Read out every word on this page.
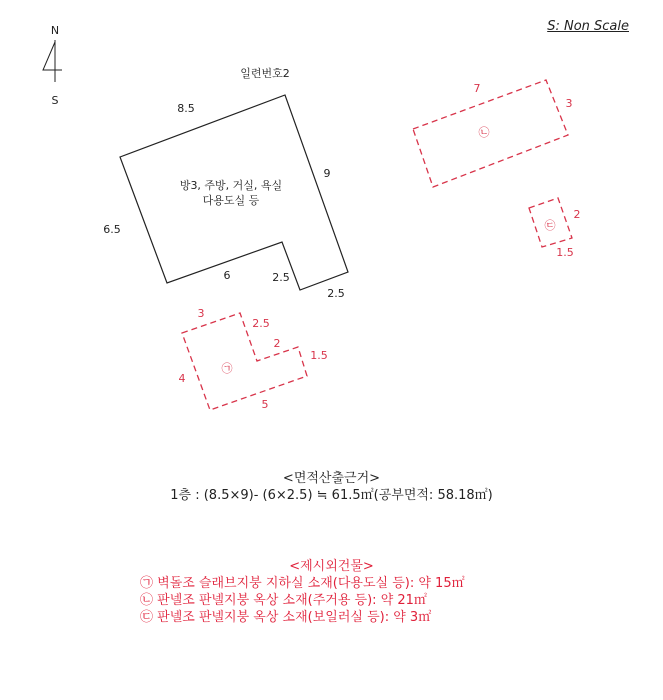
S: Non Scale
N
S
일련번호2
방3, 주방, 거실, 욕실
다용도실 등
8.5
9
6.5
6	2.5
2.5
㉠
3
2.5
2
1.5
4
5
㉡
7
3
㉢
2
1.5
<면적산출근거>
1층 : (8.5×9)- (6×2.5) ≒ 61.5㎡(공부면적: 58.18㎡)
<제시외건물>
㉠ 벽돌조 슬래브지붕 지하실 소재(다용도실 등): 약 15㎡
㉡ 판넬조 판넬지붕 옥상 소재(주거용 등): 약 21㎡
㉢ 판넬조 판넬지붕 옥상 소재(보일러실 등): 약 3㎡
